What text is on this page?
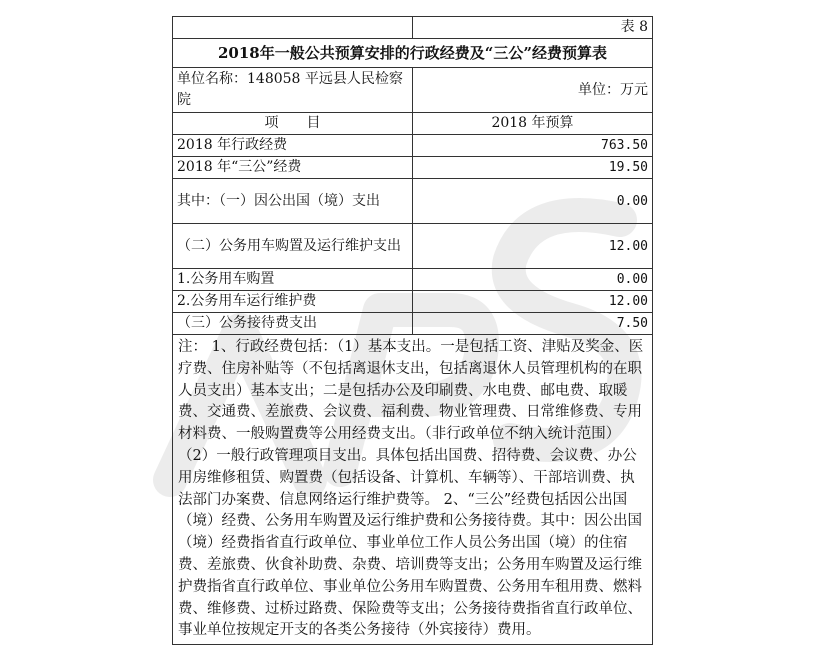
	表 8
2018年一般公共预算安排的行政经费及“三公”经费预算表	
单位名称：148058 平远县人民检察院	单位：万元
项　　目	2018 年预算
2018 年行政经费	763.50
2018 年“三公”经费	19.50
其中：（一）因公出国（境）支出	0.00
（二）公务用车购置及运行维护支出	12.00
1.公务用车购置	0.00
2.公务用车运行维护费	12.00
（三）公务接待费支出	7.50
注： 1、行政经费包括：（1）基本支出。一是包括工资、津贴及奖金、医疗费、住房补贴等（不包括离退休支出，包括离退休人员管理机构的在职人员支出）基本支出；二是包括办公及印刷费、水电费、邮电费、取暖费、交通费、差旅费、会议费、福利费、物业管理费、日常维修费、专用材料费、一般购置费等公用经费支出。（非行政单位不纳入统计范围）　　（2）一般行政管理项目支出。具体包括出国费、招待费、会议费、办公用房维修租赁、购置费（包括设备、计算机、车辆等）、干部培训费、执法部门办案费、信息网络运行维护费等。 2、“三公”经费包括因公出国（境）经费、公务用车购置及运行维护费和公务接待费。其中：因公出国（境）经费指省直行政单位、事业单位工作人员公务出国（境）的住宿费、差旅费、伙食补助费、杂费、培训费等支出；公务用车购置及运行维护费指省直行政单位、事业单位公务用车购置费、公务用车租用费、燃料费、维修费、过桥过路费、保险费等支出；公务接待费指省直行政单位、事业单位按规定开支的各类公务接待（外宾接待）费用。	
